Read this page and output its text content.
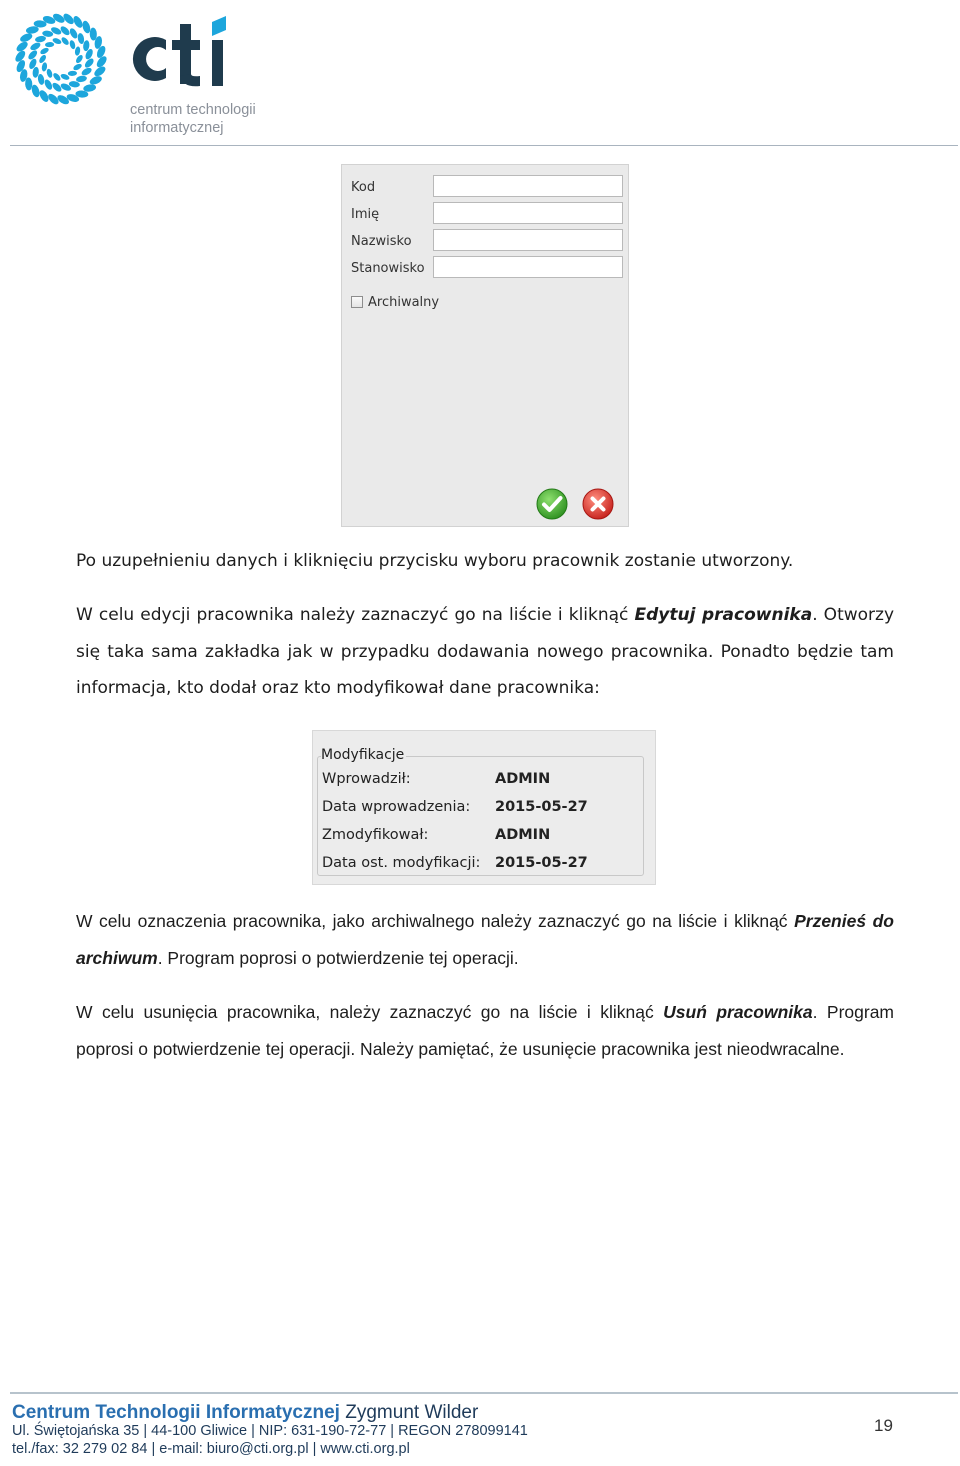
cti
centrum technologii
informatycznej
Kod
Imię
Nazwisko
Stanowisko
Archiwalny
Po uzupełnieniu danych i kliknięciu przycisku wyboru pracownik zostanie utworzony.
W celu edycji pracownika należy zaznaczyć go na liście i kliknąć Edytuj pracownika. Otworzy się taka sama zakładka jak w przypadku dodawania nowego pracownika. Ponadto będzie tam informacja, kto dodał oraz kto modyfikował dane pracownika:
Modyfikacje
Wprowadził:	ADMIN
Data wprowadzenia: 2015-05-27
Zmodyfikował:	ADMIN
Data ost. modyfikacji: 2015-05-27
W celu oznaczenia pracownika, jako archiwalnego należy zaznaczyć go na liście i kliknąć Przenieś do archiwum. Program poprosi o potwierdzenie tej operacji.
W celu usunięcia pracownika, należy zaznaczyć go na liście i kliknąć Usuń pracownika. Program poprosi o potwierdzenie tej operacji. Należy pamiętać, że usunięcie pracownika jest nieodwracalne.
Centrum Technologii Informatycznej Zygmunt Wilder
Ul. Świętojańska 35 | 44-100 Gliwice | NIP: 631-190-72-77 | REGON 278099141
tel./fax: 32 279 02 84 | e-mail: biuro@cti.org.pl | www.cti.org.pl
19
